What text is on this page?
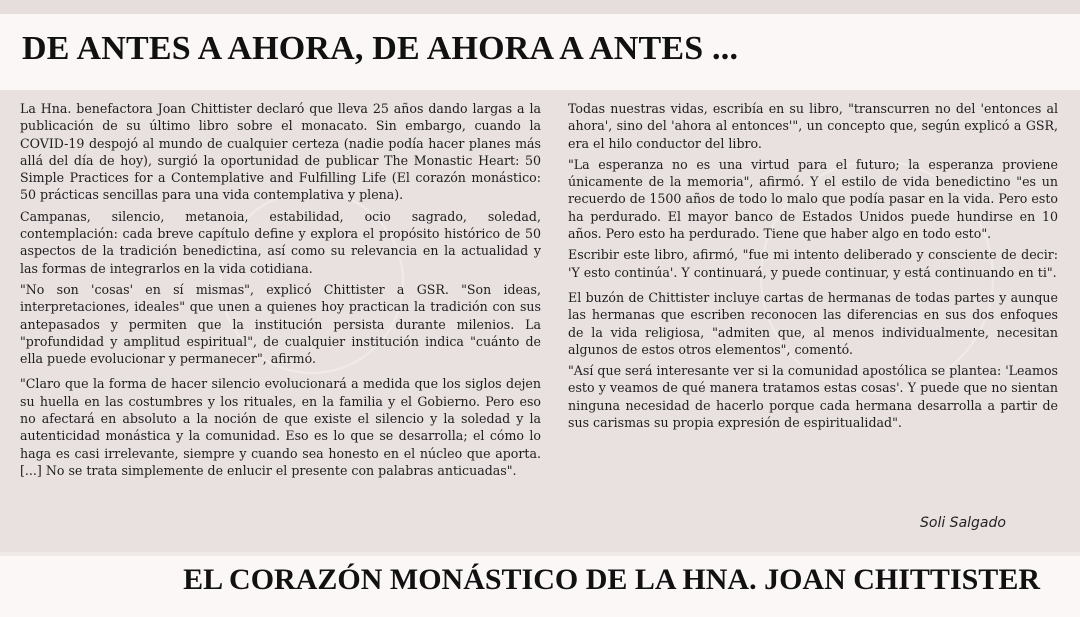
DE ANTES A AHORA, DE AHORA A ANTES ...

La Hna. benefactora Joan Chittister declaró que lleva 25 años dando largas a la publicación de su último libro sobre el monacato. Sin embargo, cuando la COVID-19 despojó al mundo de cualquier certeza (nadie podía hacer planes más allá del día de hoy), surgió la oportunidad de publicar The Monastic Heart: 50 Simple Practices for a Contemplative and Fulfilling Life (El corazón monástico: 50 prácticas sencillas para una vida contemplativa y plena).

Campanas, silencio, metanoia, estabilidad, ocio sagrado, soledad, contemplación: cada breve capítulo define y explora el propósito histórico de 50 aspectos de la tradición benedictina, así como su relevancia en la actualidad y las formas de integrarlos en la vida cotidiana.

"No son 'cosas' en sí mismas", explicó Chittister a GSR. "Son ideas, interpretaciones, ideales" que unen a quienes hoy practican la tradición con sus antepasados y permiten que la institución persista durante milenios. La "profundidad y amplitud espiritual", de cualquier institución indica "cuánto de ella puede evolucionar y permanecer", afirmó.

"Claro que la forma de hacer silencio evolucionará a medida que los siglos dejen su huella en las costumbres y los rituales, en la familia y el Gobierno. Pero eso no afectará en absoluto a la noción de que existe el silencio y la soledad y la autenticidad monástica y la comunidad. Eso es lo que se desarrolla; el cómo lo haga es casi irrelevante, siempre y cuando sea honesto en el núcleo que aporta. [...] No se trata simplemente de enlucir el presente con palabras anticuadas".

Todas nuestras vidas, escribía en su libro, "transcurren no del 'entonces al ahora', sino del 'ahora al entonces'", un concepto que, según explicó a GSR, era el hilo conductor del libro.

"La esperanza no es una virtud para el futuro; la esperanza proviene únicamente de la memoria", afirmó. Y el estilo de vida benedictino "es un recuerdo de 1500 años de todo lo malo que podía pasar en la vida. Pero esto ha perdurado. El mayor banco de Estados Unidos puede hundirse en 10 años. Pero esto ha perdurado. Tiene que haber algo en todo esto".

Escribir este libro, afirmó, "fue mi intento deliberado y consciente de decir: 'Y esto continúa'. Y continuará, y puede continuar, y está continuando en ti".

El buzón de Chittister incluye cartas de hermanas de todas partes y aunque las hermanas que escriben reconocen las diferencias en sus dos enfoques de la vida religiosa, "admiten que, al menos individualmente, necesitan algunos de estos otros elementos", comentó.

"Así que será interesante ver si la comunidad apostólica se plantea: 'Leamos esto y veamos de qué manera tratamos estas cosas'. Y puede que no sientan ninguna necesidad de hacerlo porque cada hermana desarrolla a partir de sus carismas su propia expresión de espiritualidad".

Soli Salgado
EL CORAZÓN MONÁSTICO DE LA HNA. JOAN CHITTISTER
